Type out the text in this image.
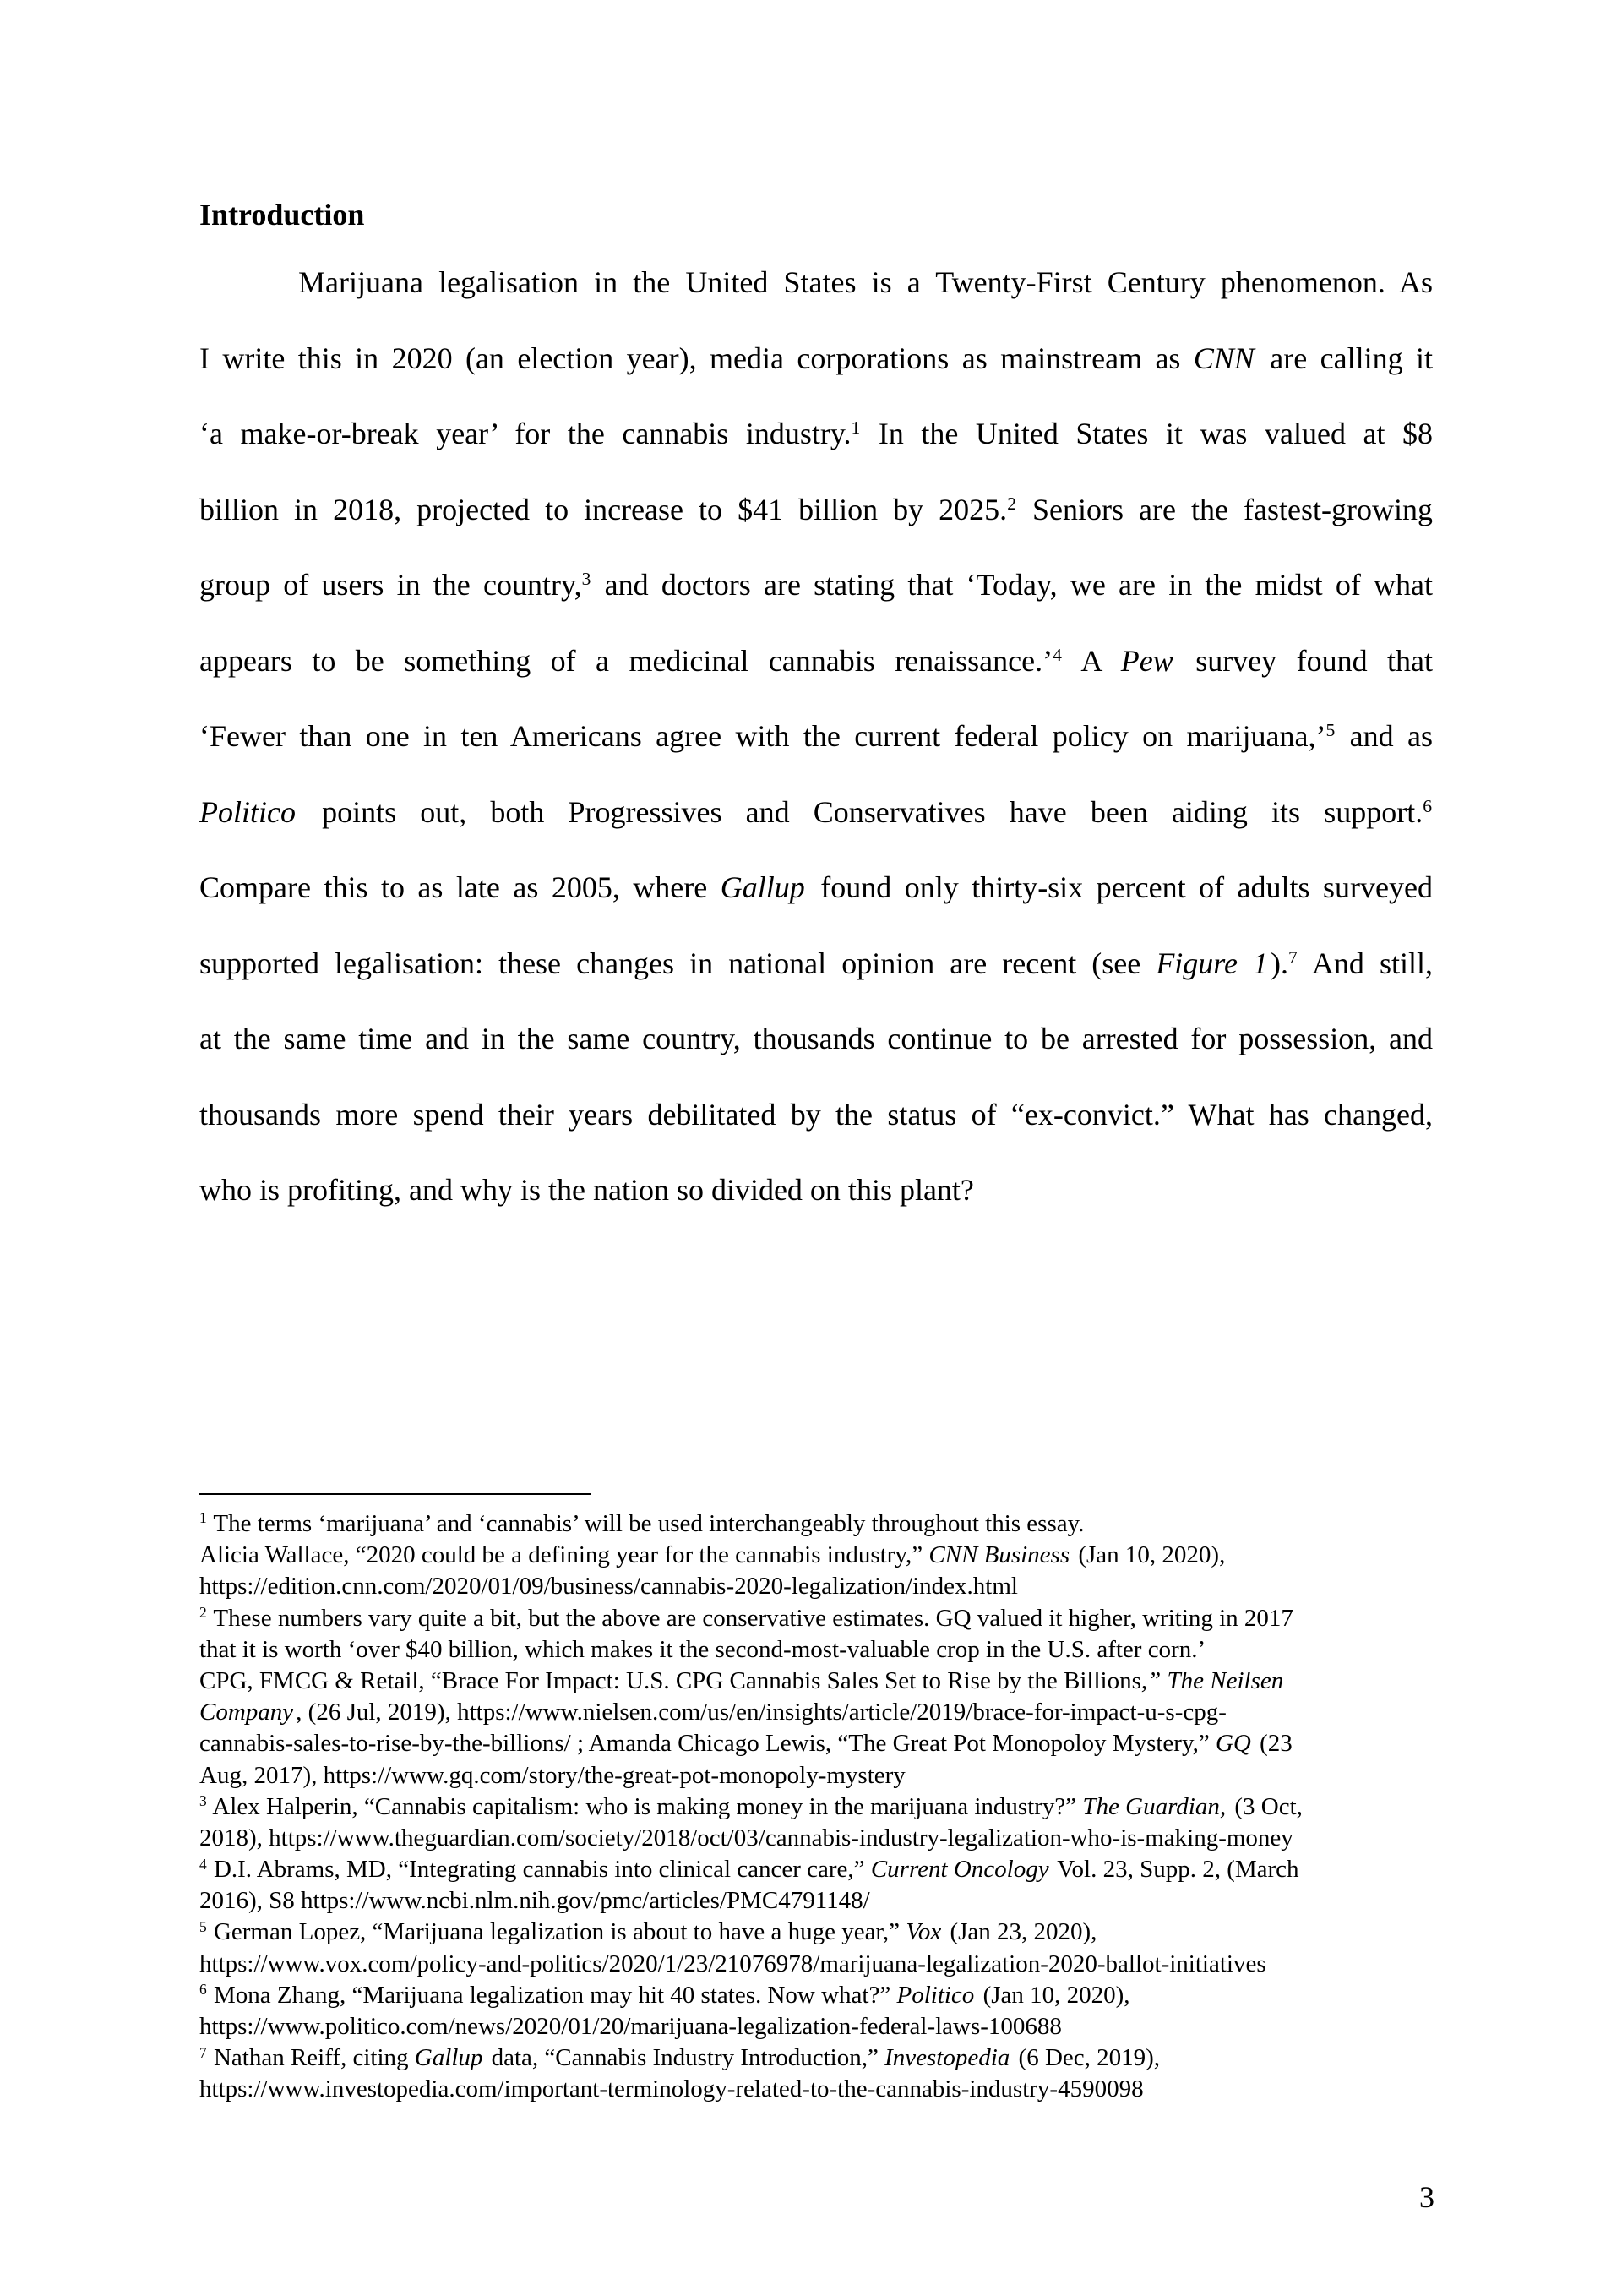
Introduction
Marijuana legalisation in the United States is a Twenty-First Century phenomenon. As
I write this in 2020 (an election year), media corporations as mainstream as CNN are calling it
‘a make-or-break year’ for the cannabis industry.$^1$ In the United States it was valued at $8
billion in 2018, projected to increase to $41 billion by 2025.$^2$ Seniors are the fastest-growing
group of users in the country,$^3$ and doctors are stating that ‘Today, we are in the midst of what
appears to be something of a medicinal cannabis renaissance.’$^4$ A Pew survey found that
‘Fewer than one in ten Americans agree with the current federal policy on marijuana,’$^5$ and as
Politico points out, both Progressives and Conservatives have been aiding its support.$^6$
Compare this to as late as 2005, where Gallup found only thirty-six percent of adults surveyed
supported legalisation: these changes in national opinion are recent (see Figure 1).$^7$ And still,
at the same time and in the same country, thousands continue to be arrested for possession, and
thousands more spend their years debilitated by the status of “ex-convict.” What has changed,
who is profiting, and why is the nation so divided on this plant?
$^1$ The terms ‘marijuana’ and ‘cannabis’ will be used interchangeably throughout this essay.
Alicia Wallace, “2020 could be a defining year for the cannabis industry,” CNN Business (Jan 10, 2020),
https://edition.cnn.com/2020/01/09/business/cannabis-2020-legalization/index.html
$^2$ These numbers vary quite a bit, but the above are conservative estimates. GQ valued it higher, writing in 2017
that it is worth ‘over $40 billion, which makes it the second-most-valuable crop in the U.S. after corn.’
CPG, FMCG & Retail, “Brace For Impact: U.S. CPG Cannabis Sales Set to Rise by the Billions,” The Neilsen
Company , (26 Jul, 2019), https://www.nielsen.com/us/en/insights/article/2019/brace-for-impact-u-s-cpg-
cannabis-sales-to-rise-by-the-billions/ ; Amanda Chicago Lewis, “The Great Pot Monopoloy Mystery,” GQ (23
Aug, 2017), https://www.gq.com/story/the-great-pot-monopoly-mystery
$^3$ Alex Halperin, “Cannabis capitalism: who is making money in the marijuana industry?” The Guardian, (3 Oct,
2018), https://www.theguardian.com/society/2018/oct/03/cannabis-industry-legalization-who-is-making-money
$^4$ D.I. Abrams, MD, “Integrating cannabis into clinical cancer care,” Current Oncology Vol. 23, Supp. 2, (March
2016), S8 https://www.ncbi.nlm.nih.gov/pmc/articles/PMC4791148/
$^5$ German Lopez, “Marijuana legalization is about to have a huge year,” Vox (Jan 23, 2020),
https://www.vox.com/policy-and-politics/2020/1/23/21076978/marijuana-legalization-2020-ballot-initiatives
$^6$ Mona Zhang, “Marijuana legalization may hit 40 states. Now what?” Politico (Jan 10, 2020),
https://www.politico.com/news/2020/01/20/marijuana-legalization-federal-laws-100688
$^7$ Nathan Reiff, citing Gallup data, “Cannabis Industry Introduction,” Investopedia (6 Dec, 2019),
https://www.investopedia.com/important-terminology-related-to-the-cannabis-industry-4590098
3
